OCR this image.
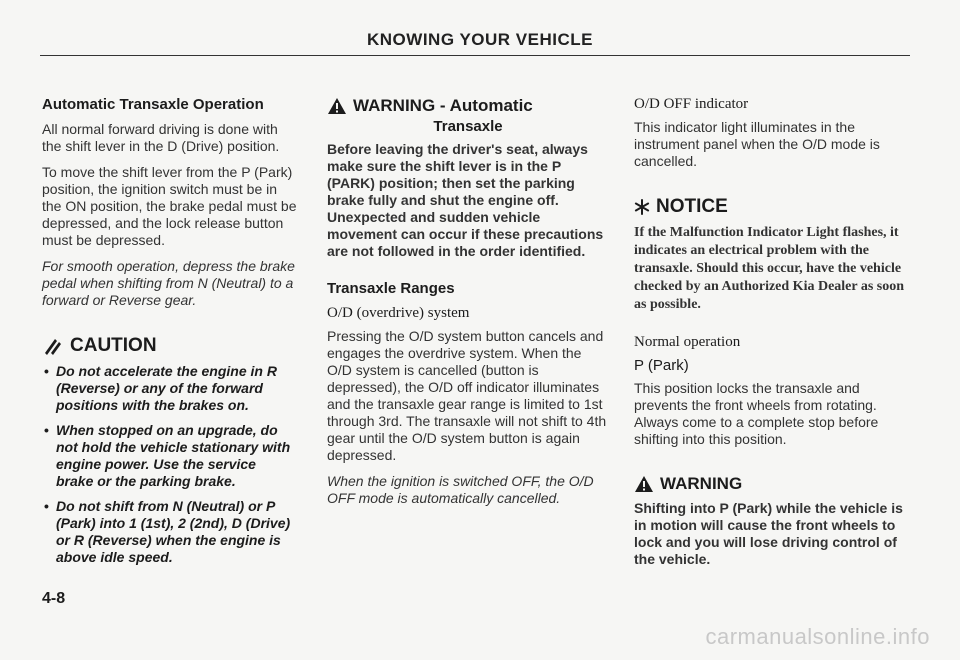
KNOWING YOUR VEHICLE
Automatic Transaxle Operation

All normal forward driving is done with the shift lever in the D (Drive) position.

To move the shift lever from the P (Park) position, the ignition switch must be in the ON position, the brake pedal must be depressed, and the lock release button must be depressed.

For smooth operation, depress the brake pedal when shifting from N (Neutral) to a forward or Reverse gear.

CAUTION
• Do not accelerate the engine in R (Reverse) or any of the forward positions with the brakes on.
• When stopped on an upgrade, do not hold the vehicle stationary with engine power. Use the service brake or the parking brake.
• Do not shift from N (Neutral) or P (Park) into 1 (1st), 2 (2nd), D (Drive) or R (Reverse) when the engine is above idle speed.
WARNING - Automatic
Transaxle

Before leaving the driver's seat, always make sure the shift lever is in the P (PARK) position; then set the parking brake fully and shut the engine off. Unexpected and sudden vehicle movement can occur if these precautions are not followed in the order identified.

Transaxle Ranges
O/D (overdrive) system

Pressing the O/D system button cancels and engages the overdrive system. When the O/D system is cancelled (button is depressed), the O/D off indicator illuminates and the transaxle gear range is limited to 1st through 3rd. The transaxle will not shift to 4th gear until the O/D system button is again depressed.

When the ignition is switched OFF, the O/D OFF mode is automatically cancelled.

O/D OFF indicator

This indicator light illuminates in the instrument panel when the O/D mode is cancelled.

NOTICE

If the Malfunction Indicator Light flashes, it indicates an electrical problem with the transaxle. Should this occur, have the vehicle checked by an Authorized Kia Dealer as soon as possible.

Normal operation
P (Park)

This position locks the transaxle and prevents the front wheels from rotating. Always come to a complete stop before shifting into this position.

WARNING

Shifting into P (Park) while the vehicle is in motion will cause the front wheels to lock and you will lose driving control of the vehicle.

4-8
carmanualsonline.info
